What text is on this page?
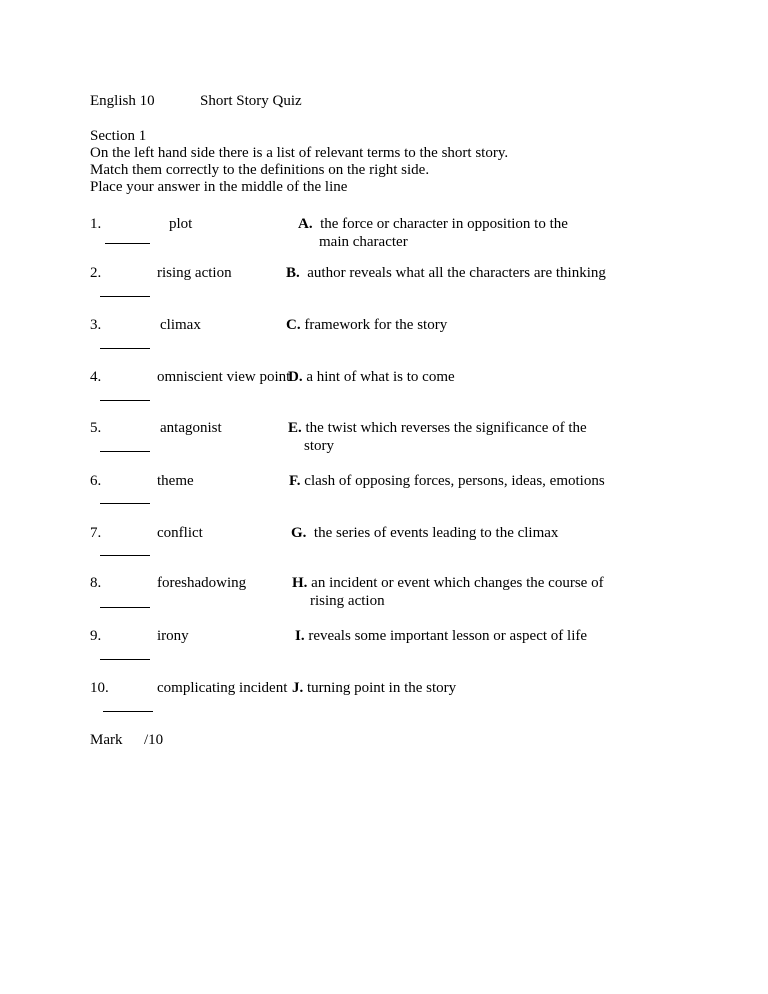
English 10	Short Story Quiz
Section 1
On the left hand side there is a list of relevant terms to the short story.
Match them correctly to the definitions on the right side.
Place your answer in the middle of the line
1.	plot	A. the force or character in opposition to the
main character
2.	rising action	B. author reveals what all the characters are thinking
3.	climax	C. framework for the story
4.	omniscient view point
D. a hint of what is to come
5.	antagonist	E. the twist which reverses the significance of the
story
6.	theme	F. clash of opposing forces, persons, ideas, emotions
7.	conflict	G. the series of events leading to the climax
8.	foreshadowing	H. an incident or event which changes the course of
rising action
9.	irony	I. reveals some important lesson or aspect of life
10.	complicating incident J. turning point in the story
Mark /10
